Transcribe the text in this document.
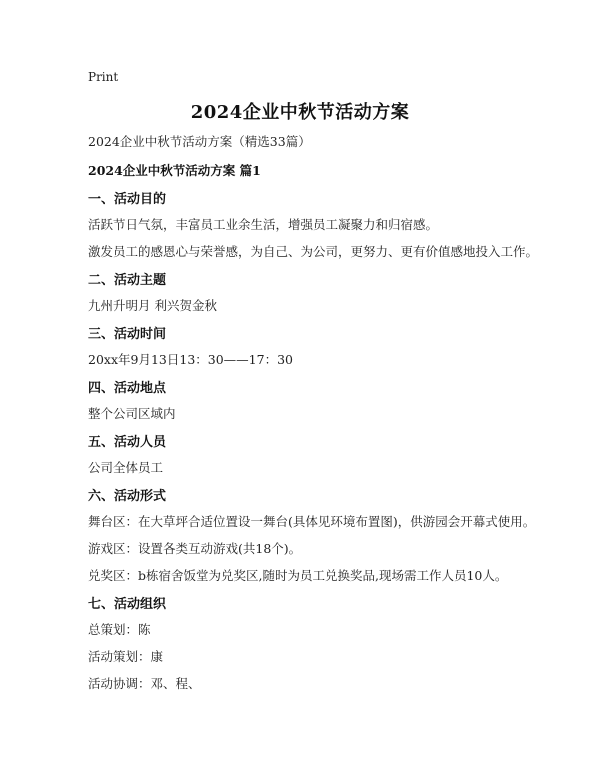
Print
2024企业中秋节活动方案
2024企业中秋节活动方案（精选33篇）
2024企业中秋节活动方案 篇1
一、活动目的
活跃节日气氛，丰富员工业余生活，增强员工凝聚力和归宿感。
激发员工的感恩心与荣誉感，为自己、为公司，更努力、更有价值感地投入工作。
二、活动主题
九州升明月 利兴贺金秋
三、活动时间
20xx年9月13日13：30——17：30
四、活动地点
整个公司区域内
五、活动人员
公司全体员工
六、活动形式
舞台区：在大草坪合适位置设一舞台(具体见环境布置图)，供游园会开幕式使用。
游戏区：设置各类互动游戏(共18个)。
兑奖区：b栋宿舍饭堂为兑奖区,随时为员工兑换奖品,现场需工作人员10人。
七、活动组织
总策划：陈
活动策划：康
活动协调：邓、程、
